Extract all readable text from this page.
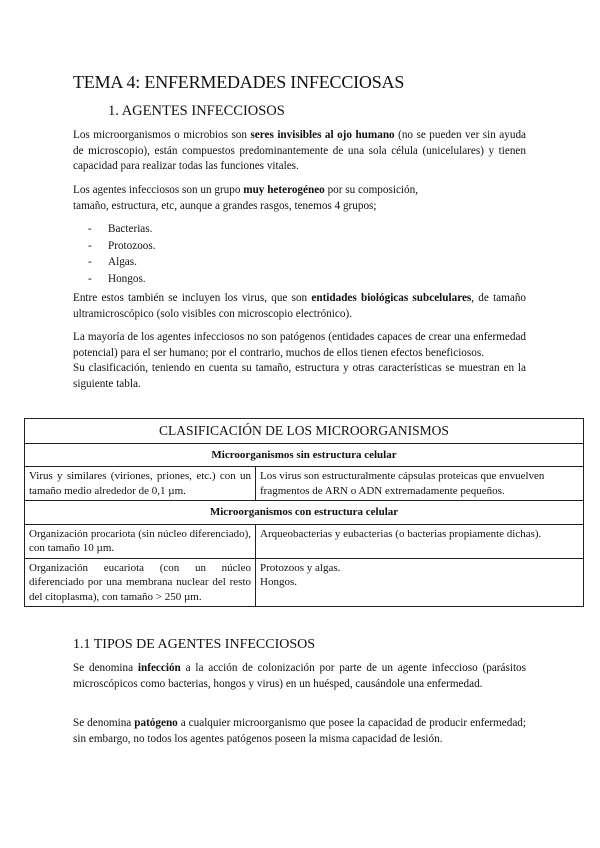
TEMA 4: ENFERMEDADES INFECCIOSAS
1. AGENTES INFECCIOSOS

Los microorganismos o microbios son seres invisibles al ojo humano (no se pueden ver sin ayuda de microscopio), están compuestos predominantemente de una sola célula (unicelulares) y tienen capacidad para realizar todas las funciones vitales.

Los agentes infecciosos son un grupo muy heterogéneo por su composición,
tamaño, estructura, etc, aunque a grandes rasgos, tenemos 4 grupos;

- Bacterias.
- Protozoos.
- Algas.
- Hongos.

Entre estos también se incluyen los virus, que son entidades biológicas subcelulares, de tamaño ultramicroscópico (solo visibles con microscopio electrónico).

La mayoría de los agentes infecciosos no son patógenos (entidades capaces de crear una enfermedad potencial) para el ser humano; por el contrario, muchos de ellos tienen efectos beneficiosos.
Su clasificación, teniendo en cuenta su tamaño, estructura y otras características se muestran en la siguiente tabla.

CLASIFICACIÓN DE LOS MICROORGANISMOS	
Microorganismos sin estructura celular	
Virus y similares (viriones, priones, etc.) con un tamaño medio alrededor de 0,1 µm.	Los virus son estructuralmente cápsulas proteicas que envuelven fragmentos de ARN o ADN extremadamente pequeños.
Microorganismos con estructura celular	
Organización procariota (sin núcleo diferenciado), con tamaño 10 µm.	Arqueobacterias y eubacterias (o bacterias propiamente dichas).
Organización eucariota (con un núcleo diferenciado por una membrana nuclear del resto del citoplasma), con tamaño > 250 µm.	Protozoos y algas.
Hongos.
1.1 TIPOS DE AGENTES INFECCIOSOS

Se denomina infección a la acción de colonización por parte de un agente infeccioso (parásitos microscópicos como bacterias, hongos y virus) en un huésped, causándole una enfermedad.

Se denomina patógeno a cualquier microorganismo que posee la capacidad de producir enfermedad; sin embargo, no todos los agentes patógenos poseen la misma capacidad de lesión.
